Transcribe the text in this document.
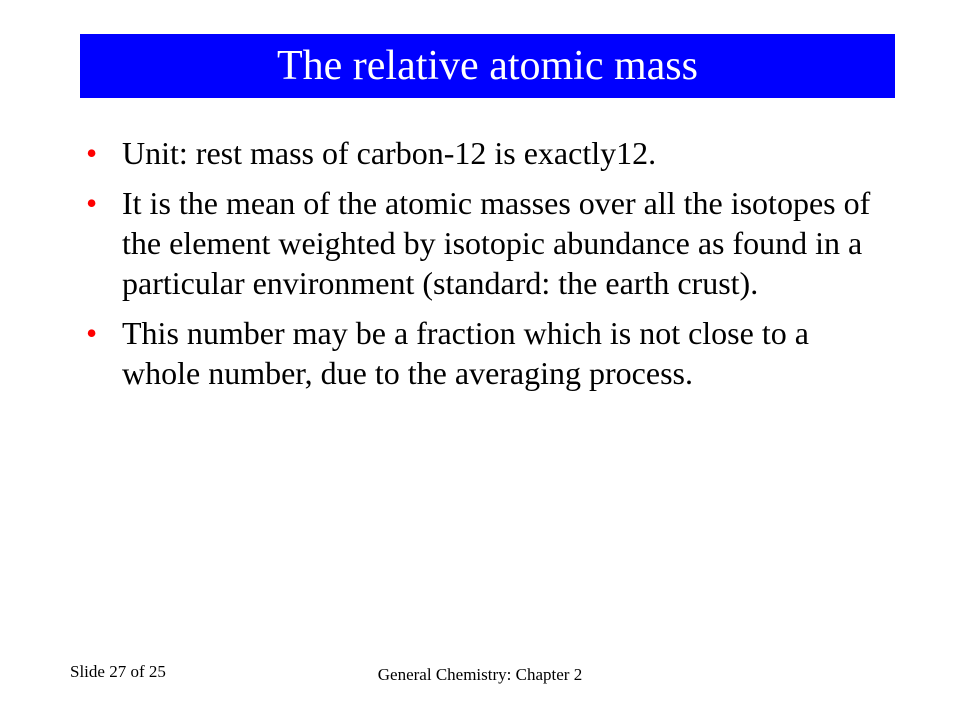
The relative atomic mass
• Unit: rest mass of carbon-12 is exactly12.
• It is the mean of the atomic masses over all the isotopes of the element weighted by isotopic abundance as found in a particular environment (standard: the earth crust).
• This number may be a fraction which is not close to a whole number, due to the averaging process.
Slide 27 of 25	General Chemistry: Chapter 2
